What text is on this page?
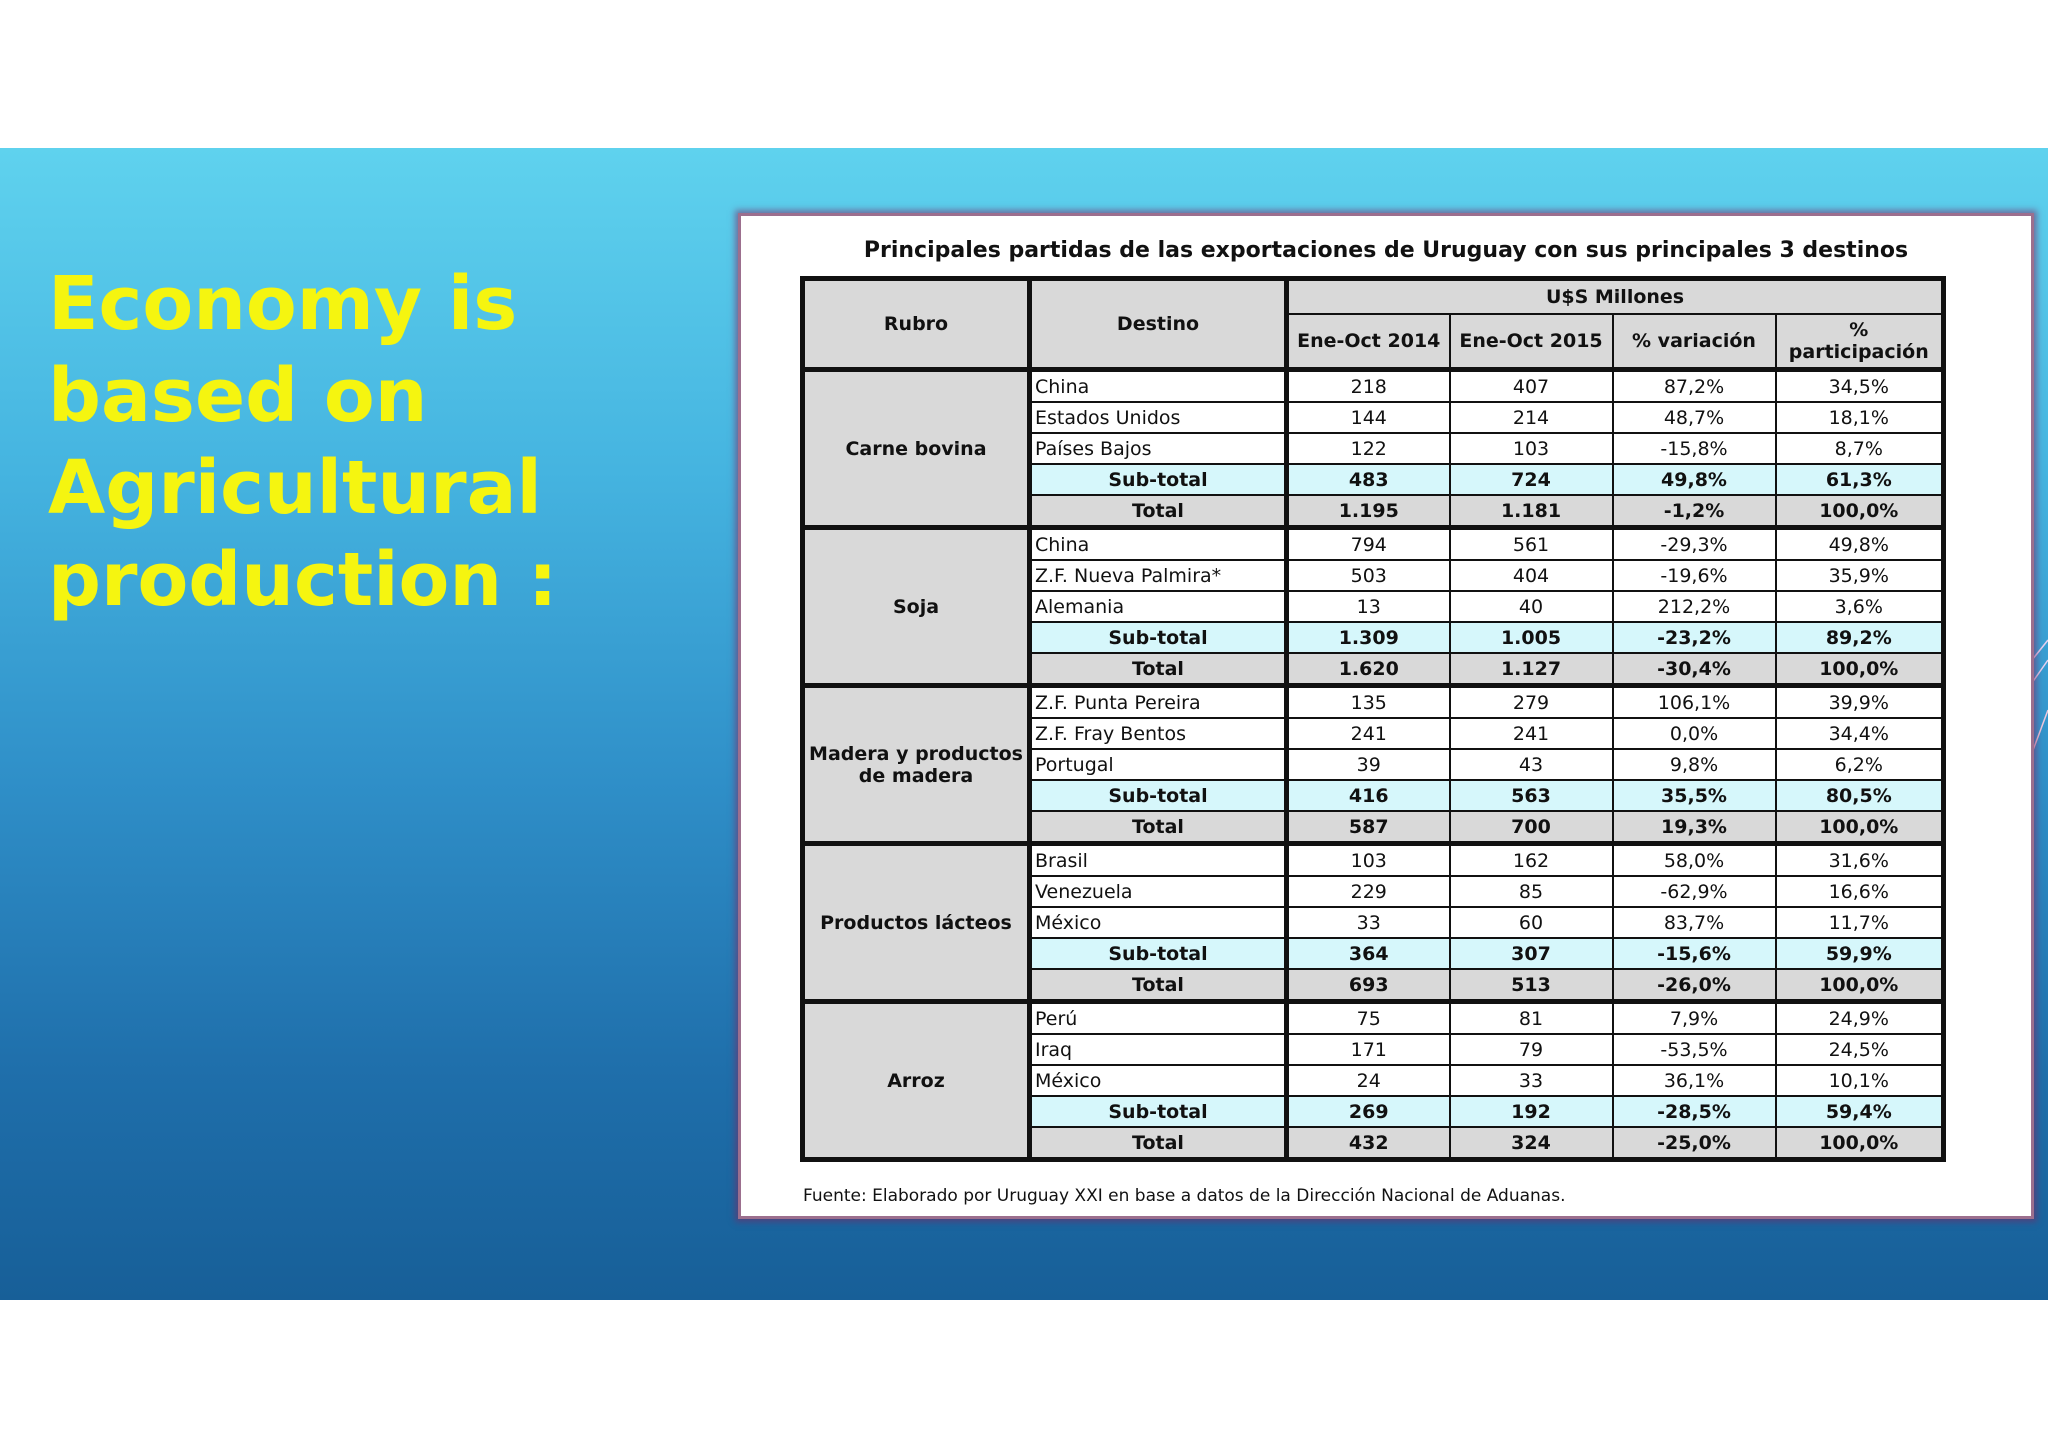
Economy is based on Agricultural production :
Principales partidas de las exportaciones de Uruguay con sus principales 3 destinos
Rubro	Destino	U$S Millones			
		Ene-Oct 2014	Ene-Oct 2015	% variación	% participación
Carne bovina	China	218	407	87,2%	34,5%
	Estados Unidos	144	214	48,7%	18,1%
	Países Bajos	122	103	-15,8%	8,7%
	Sub-total	483	724	49,8%	61,3%
	Total	1.195	1.181	-1,2%	100,0%
Soja	China	794	561	-29,3%	49,8%
	Z.F. Nueva Palmira*	503	404	-19,6%	35,9%
	Alemania	13	40	212,2%	3,6%
	Sub-total	1.309	1.005	-23,2%	89,2%
	Total	1.620	1.127	-30,4%	100,0%
Madera y productos de madera	Z.F. Punta Pereira	135	279	106,1%	39,9%
	Z.F. Fray Bentos	241	241	0,0%	34,4%
	Portugal	39	43	9,8%	6,2%
	Sub-total	416	563	35,5%	80,5%
	Total	587	700	19,3%	100,0%
Productos lácteos	Brasil	103	162	58,0%	31,6%
	Venezuela	229	85	-62,9%	16,6%
	México	33	60	83,7%	11,7%
	Sub-total	364	307	-15,6%	59,9%
	Total	693	513	-26,0%	100,0%
Arroz	Perú	75	81	7,9%	24,9%
	Iraq	171	79	-53,5%	24,5%
	México	24	33	36,1%	10,1%
	Sub-total	269	192	-28,5%	59,4%
	Total	432	324	-25,0%	100,0%
Fuente: Elaborado por Uruguay XXI en base a datos de la Dirección Nacional de Aduanas.
